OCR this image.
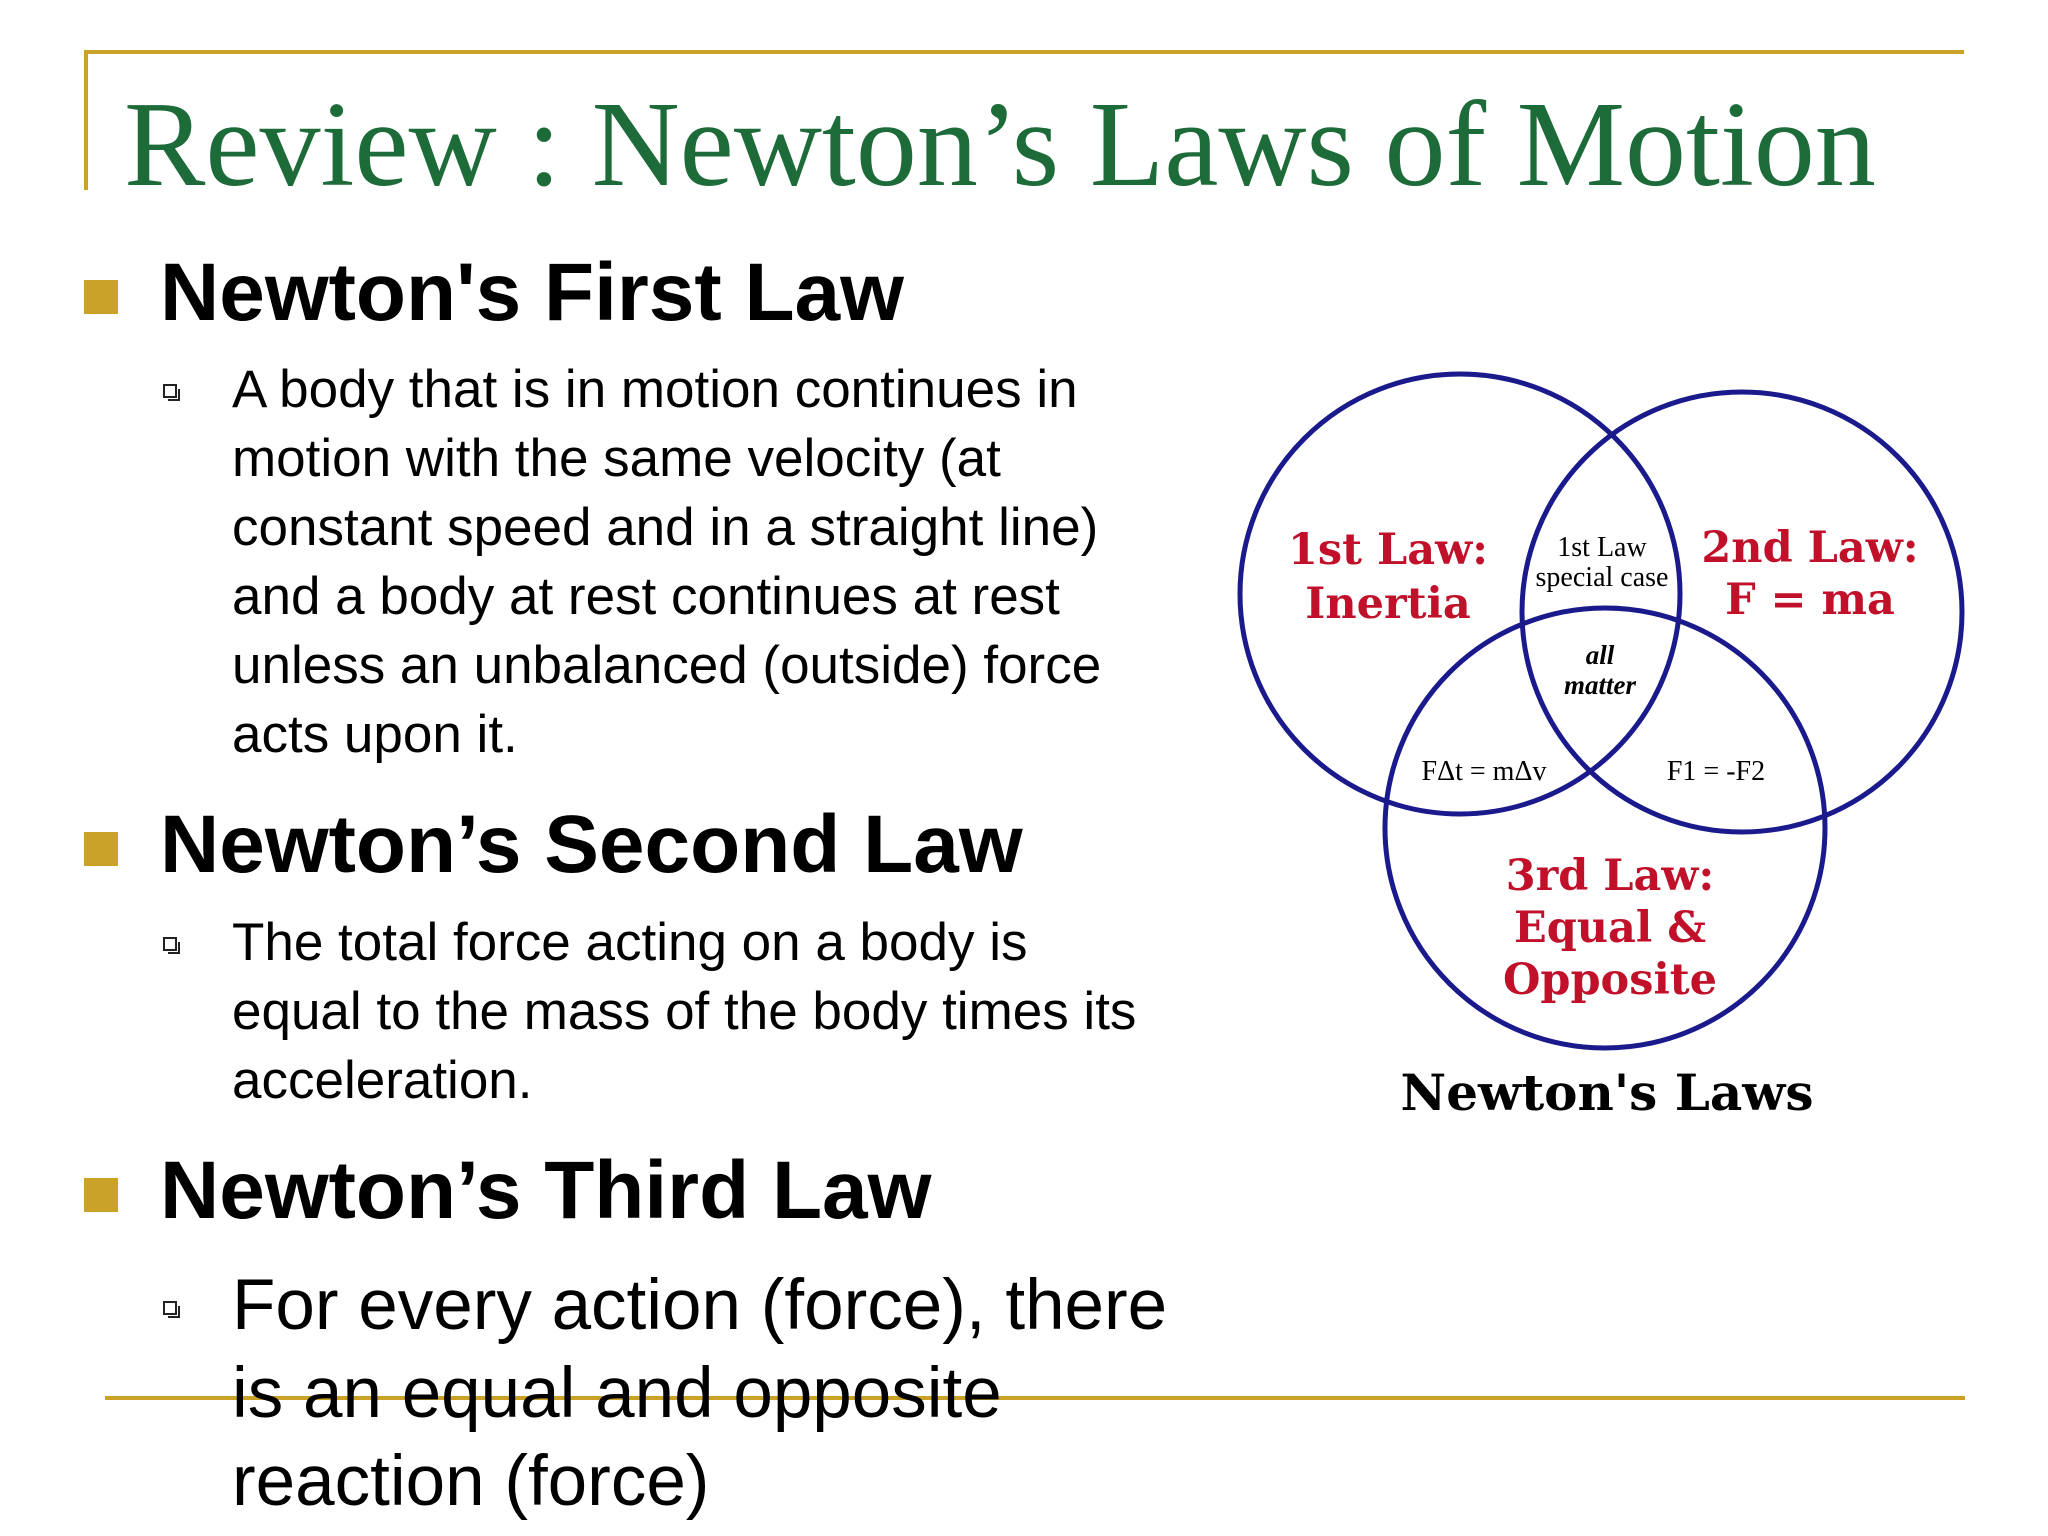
Review : Newton’s Laws of Motion

Newton's First Law

A body that is in motion continues in

motion with the same velocity (at

constant speed and in a straight line)

and a body at rest continues at rest

unless an unbalanced (outside) force

acts upon it.

Newton’s Second Law

The total force acting on a body is

equal to the mass of the body times its

acceleration.

Newton’s Third Law

For every action (force), there

is an equal and opposite

reaction (force)

1st Law:
Inertia
2nd Law:
F = ma
3rd Law:
Equal &
Opposite
1st Law
special case
all
matter
FΔt = mΔv	F1 = -F2
Newton's Laws
